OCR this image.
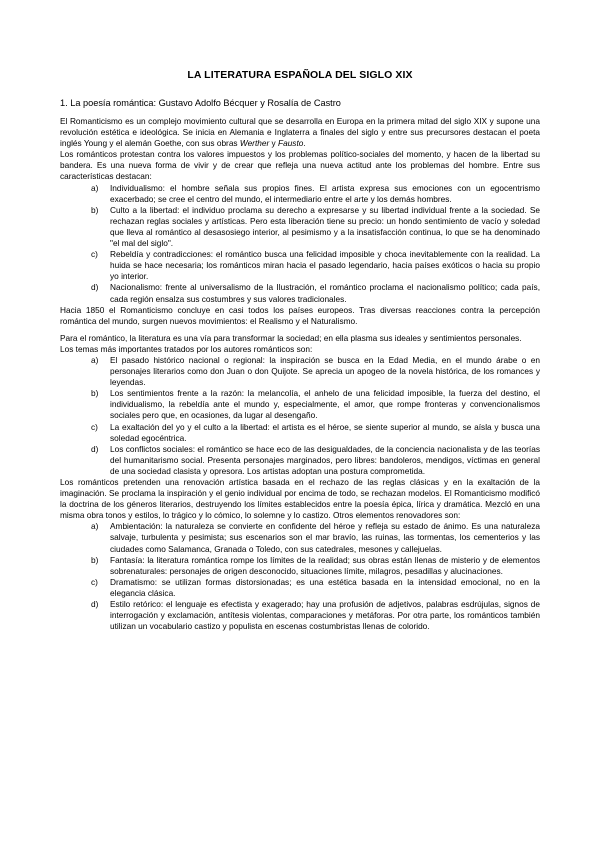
LA LITERATURA ESPAÑOLA DEL SIGLO XIX
1. La poesía romántica: Gustavo Adolfo Bécquer y Rosalía de Castro

El Romanticismo es un complejo movimiento cultural que se desarrolla en Europa en la primera mitad del siglo XIX y supone una revolución estética e ideológica. Se inicia en Alemania e Inglaterra a finales del siglo y entre sus precursores destacan el poeta inglés Young y el alemán Goethe, con sus obras Werther y Fausto.

Los románticos protestan contra los valores impuestos y los problemas político-sociales del momento, y hacen de la libertad su bandera. Es una nueva forma de vivir y de crear que refleja una nueva actitud ante los problemas del hombre. Entre sus características destacan:

a) Individualismo: el hombre señala sus propios fines. El artista expresa sus emociones con un egocentrismo exacerbado; se cree el centro del mundo, el intermediario entre el arte y los demás hombres.
b) Culto a la libertad: el individuo proclama su derecho a expresarse y su libertad individual frente a la sociedad. Se rechazan reglas sociales y artísticas. Pero esta liberación tiene su precio: un hondo sentimiento de vacío y soledad que lleva al romántico al desasosiego interior, al pesimismo y a la insatisfacción continua, lo que se ha denominado "el mal del siglo".
c) Rebeldía y contradicciones: el romántico busca una felicidad imposible y choca inevitablemente con la realidad. La huida se hace necesaria; los románticos miran hacia el pasado legendario, hacia países exóticos o hacia su propio yo interior.
d) Nacionalismo: frente al universalismo de la Ilustración, el romántico proclama el nacionalismo político; cada país, cada región ensalza sus costumbres y sus valores tradicionales.

Hacia 1850 el Romanticismo concluye en casi todos los países europeos. Tras diversas reacciones contra la percepción romántica del mundo, surgen nuevos movimientos: el Realismo y el Naturalismo.

Para el romántico, la literatura es una vía para transformar la sociedad; en ella plasma sus ideales y sentimientos personales.

Los temas más importantes tratados por los autores románticos son:

a) El pasado histórico nacional o regional: la inspiración se busca en la Edad Media, en el mundo árabe o en personajes literarios como don Juan o don Quijote. Se aprecia un apogeo de la novela histórica, de los romances y leyendas.
b) Los sentimientos frente a la razón: la melancolía, el anhelo de una felicidad imposible, la fuerza del destino, el individualismo, la rebeldía ante el mundo y, especialmente, el amor, que rompe fronteras y convencionalismos sociales pero que, en ocasiones, da lugar al desengaño.
c) La exaltación del yo y el culto a la libertad: el artista es el héroe, se siente superior al mundo, se aísla y busca una soledad egocéntrica.
d) Los conflictos sociales: el romántico se hace eco de las desigualdades, de la conciencia nacionalista y de las teorías del humanitarismo social. Presenta personajes marginados, pero libres: bandoleros, mendigos, víctimas en general de una sociedad clasista y opresora. Los artistas adoptan una postura comprometida.

Los románticos pretenden una renovación artística basada en el rechazo de las reglas clásicas y en la exaltación de la imaginación. Se proclama la inspiración y el genio individual por encima de todo, se rechazan modelos. El Romanticismo modificó la doctrina de los géneros literarios, destruyendo los límites establecidos entre la poesía épica, lírica y dramática. Mezcló en una misma obra tonos y estilos, lo trágico y lo cómico, lo solemne y lo castizo. Otros elementos renovadores son:

a) Ambientación: la naturaleza se convierte en confidente del héroe y refleja su estado de ánimo. Es una naturaleza salvaje, turbulenta y pesimista; sus escenarios son el mar bravío, las ruinas, las tormentas, los cementerios y las ciudades como Salamanca, Granada o Toledo, con sus catedrales, mesones y callejuelas.
b) Fantasía: la literatura romántica rompe los límites de la realidad; sus obras están llenas de misterio y de elementos sobrenaturales: personajes de origen desconocido, situaciones límite, milagros, pesadillas y alucinaciones.
c) Dramatismo: se utilizan formas distorsionadas; es una estética basada en la intensidad emocional, no en la elegancia clásica.
d) Estilo retórico: el lenguaje es efectista y exagerado; hay una profusión de adjetivos, palabras esdrújulas, signos de interrogación y exclamación, antítesis violentas, comparaciones y metáforas. Por otra parte, los románticos también utilizan un vocabulario castizo y populista en escenas costumbristas llenas de colorido.
